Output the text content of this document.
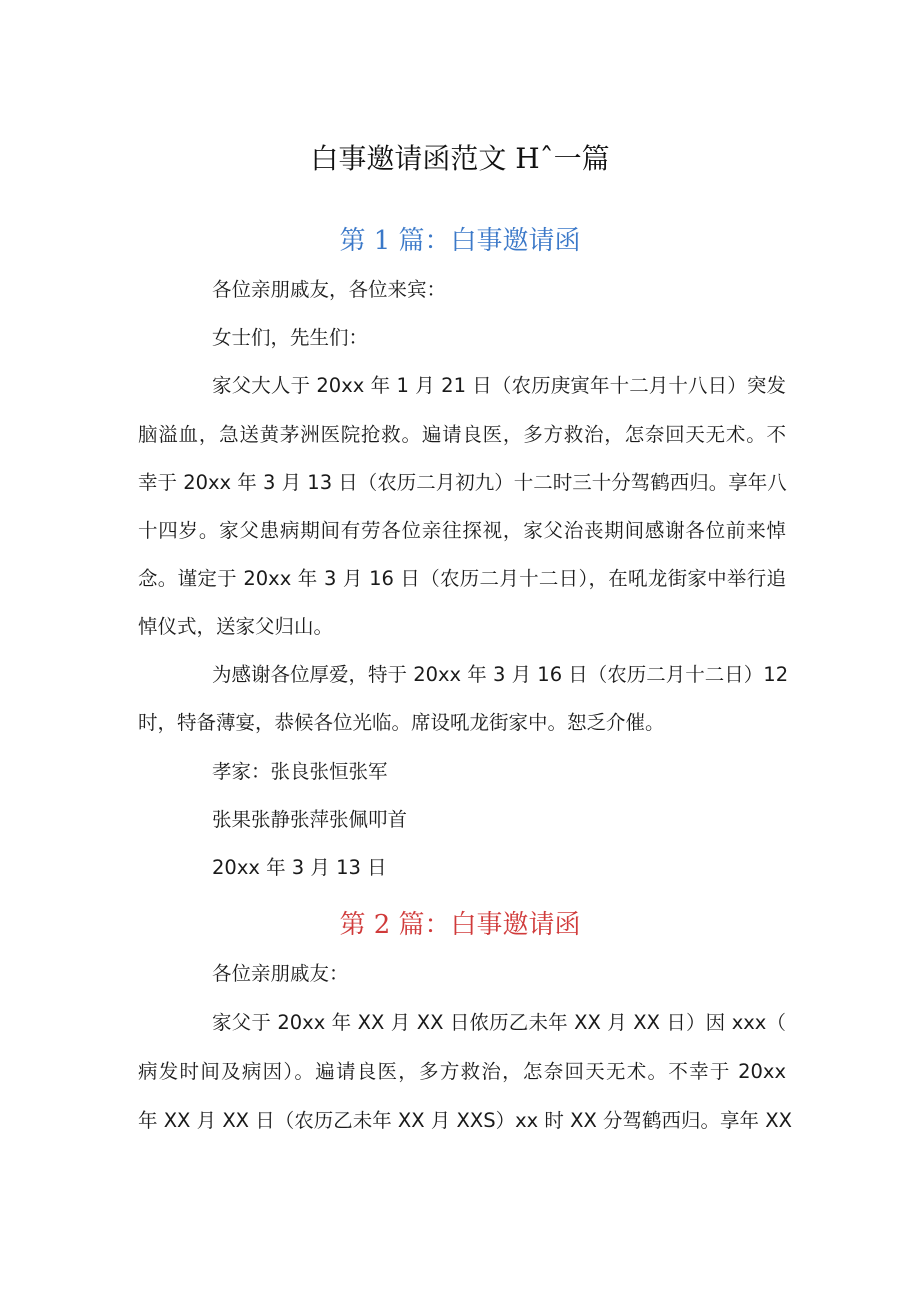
白事邀请函范文 Hˆ一篇
第 1 篇：白事邀请函
各位亲朋戚友，各位来宾：
女士们，先生们：
家父大人于 20xx 年 1 月 21 日（农历庚寅年十二月十八日）突发
脑溢血，急送黄茅洲医院抢救。遍请良医，多方救治，怎奈回天无术。不
幸于 20xx 年 3 月 13 日（农历二月初九）十二时三十分驾鹤西归。享年八
十四岁。家父患病期间有劳各位亲往探视，家父治丧期间感谢各位前来悼
念。谨定于 20xx 年 3 月 16 日（农历二月十二日），在吼龙街家中举行追
悼仪式，送家父归山。
为感谢各位厚爱，特于 20xx 年 3 月 16 日（农历二月十二日）12
时，特备薄宴，恭候各位光临。席设吼龙街家中。恕乏介催。
孝家：张良张恒张军
张果张静张萍张佩叩首
20xx 年 3 月 13 日
第 2 篇：白事邀请函
各位亲朋戚友：
家父于 20xx 年 XX 月 XX 日侬历乙未年 XX 月 XX 日）因 xxx（
病发时间及病因）。遍请良医，多方救治，怎奈回天无术。不幸于 20xx
年 XX 月 XX 日（农历乙未年 XX 月 XXS）xx 时 XX 分驾鹤西归。享年 XX
